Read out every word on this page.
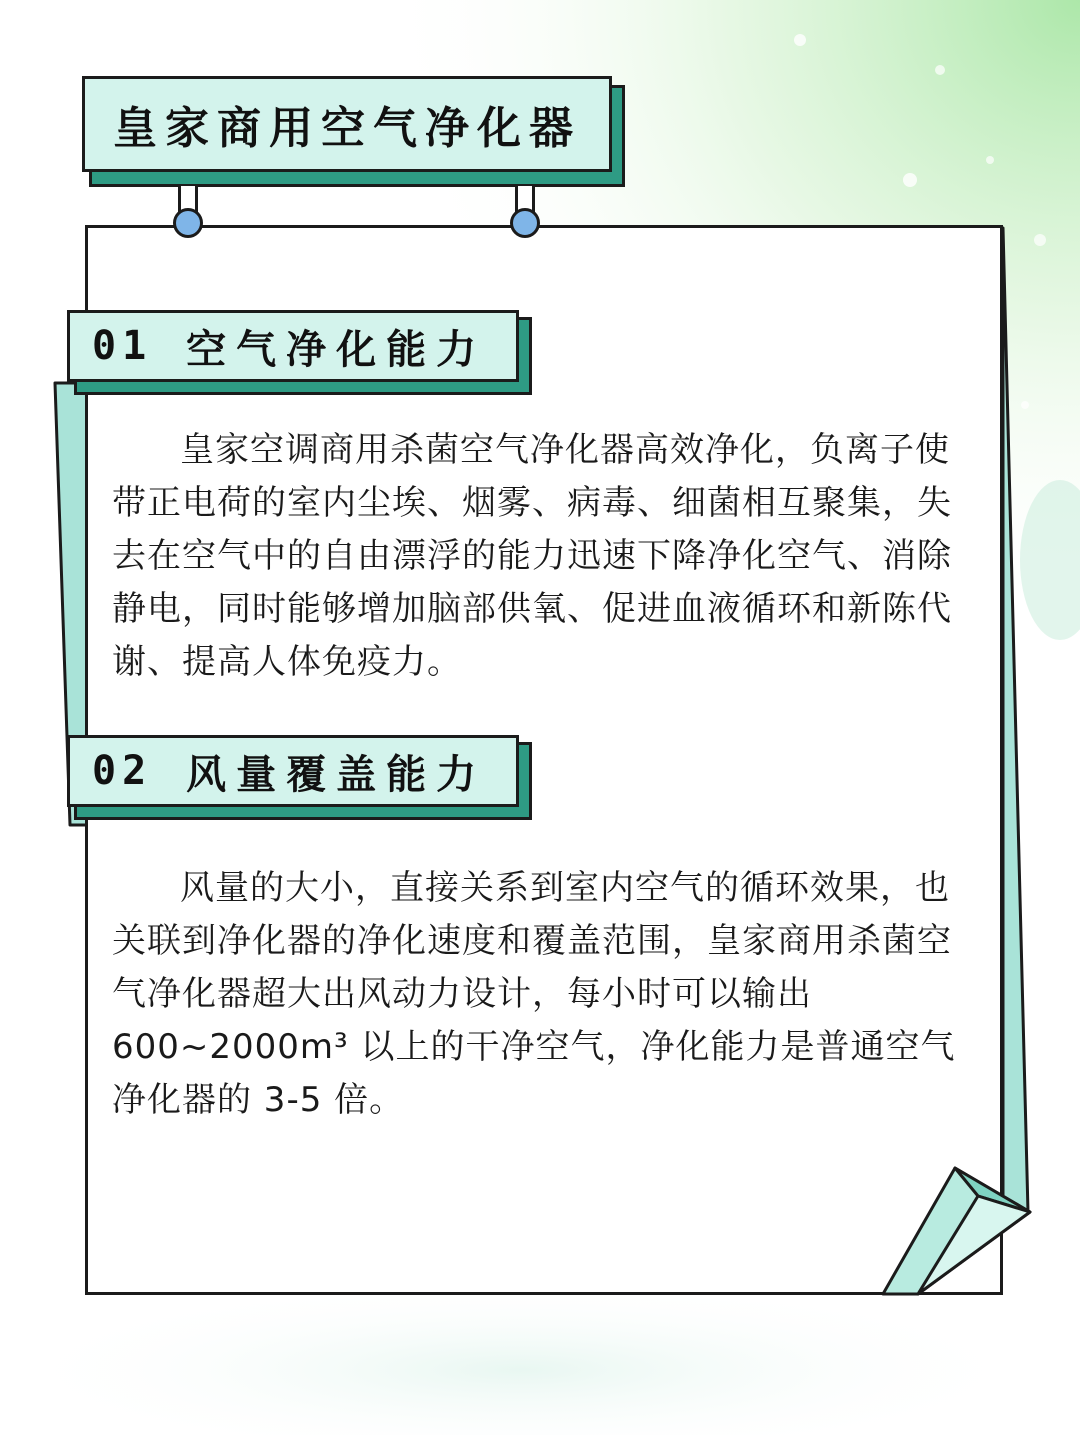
皇家商用空气净化器
01 空气净化能力
皇家空调商用杀菌空气净化器高效净化，负离子使带正电荷的室内尘埃、烟雾、病毒、细菌相互聚集，失去在空气中的自由漂浮的能力迅速下降净化空气、消除静电，同时能够增加脑部供氧、促进血液循环和新陈代谢、提高人体免疫力。
02 风量覆盖能力
风量的大小，直接关系到室内空气的循环效果，也关联到净化器的净化速度和覆盖范围，皇家商用杀菌空气净化器超大出风动力设计，每小时可以输出600~2000m³ 以上的干净空气，净化能力是普通空气净化器的 3-5 倍。
